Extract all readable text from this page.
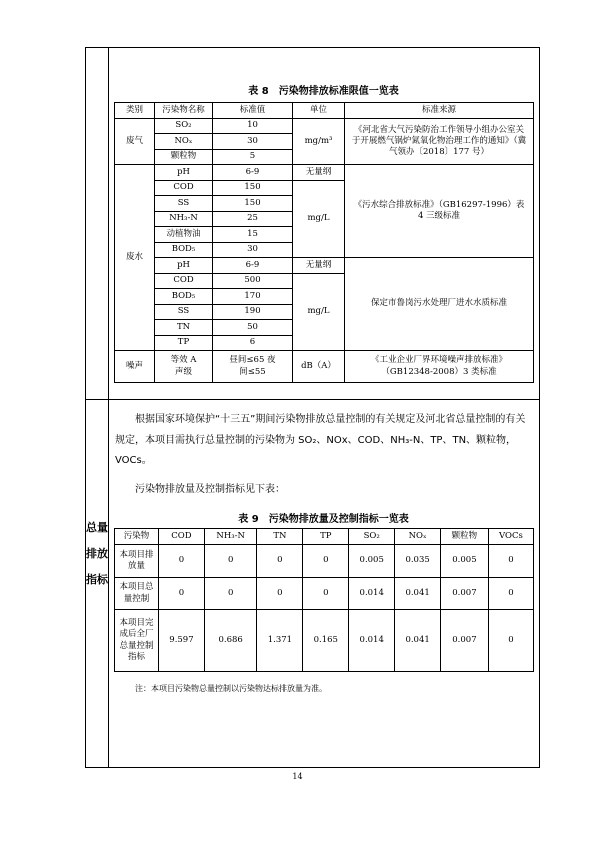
总量排放指标
表 8　污染物排放标准限值一览表
类别	污染物名称	标准值	单位	标准来源
废气	SO₂	10	mg/m³	《河北省大气污染防治工作领导小组办公室关于开展燃气锅炉氮氧化物治理工作的通知》（冀气领办〔2018〕177 号）
	NOₓ	30		
	颗粒物	5		
废水	pH	6-9	无量纲	《污水综合排放标准》（GB16297-1996）表 4 三级标准
	COD	150	mg/L	
	SS	150		
	NH₃-N	25		
	动植物油	15		
	BOD₅	30		
	pH	6-9	无量纲	保定市鲁岗污水处理厂进水水质标准
	COD	500	mg/L	
	BOD₅	170		
	SS	190		
	TN	50		
	TP	6		
噪声	等效 A 声级	昼间≤65 夜间≤55	dB（A）	《工业企业厂界环境噪声排放标准》（GB12348-2008）3 类标准
根据国家环境保护“十三五”期间污染物排放总量控制的有关规定及河北省总量控制的有关规定，本项目需执行总量控制的污染物为 SO₂、NOx、COD、NH₃-N、TP、TN、颗粒物，VOCs。
污染物排放量及控制指标见下表：
表 9　污染物排放量及控制指标一览表
污染物	COD	NH₃-N	TN	TP	SO₂	NOₓ	颗粒物	VOCs
本项目排放量	0	0	0	0	0.005	0.035	0.005	0
本项目总量控制	0	0	0	0	0.014	0.041	0.007	0
本项目完成后全厂总量控制指标	9.597	0.686	1.371	0.165	0.014	0.041	0.007	0
注：本项目污染物总量控制以污染物达标排放量为准。
14
